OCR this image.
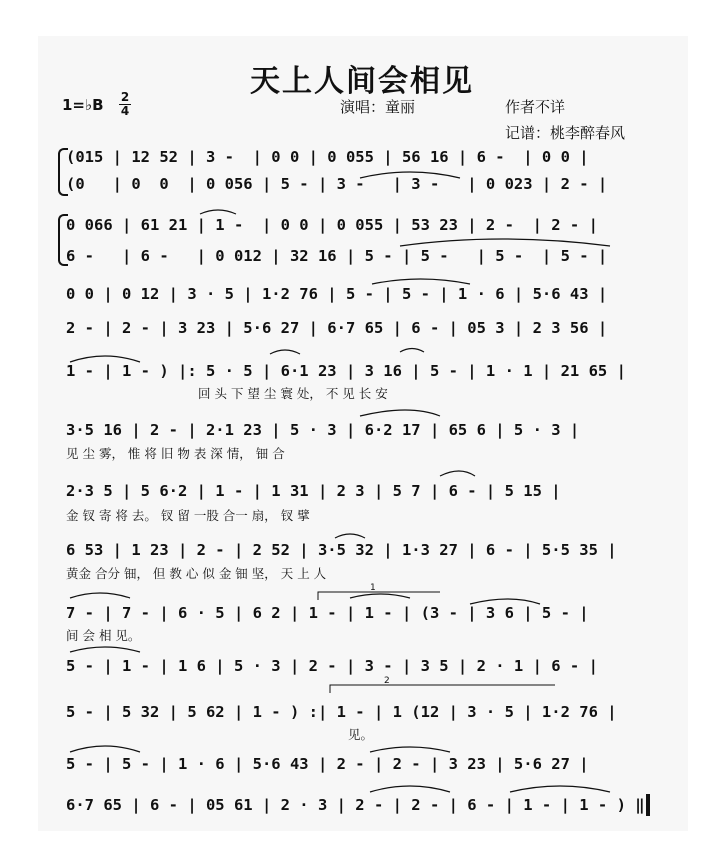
天上人间会相见
1=♭B 2
4	演唱：童丽	作者不详
记谱：桃李醉春风
(015 | 12 52 | 3 -  | 0 0 | 0 055 | 56 16 | 6 -  | 0 0 |
(0   | 0  0  | 0 056 | 5 - | 3 -   | 3 -   | 0 023 | 2 - |
0 066 | 61 21 | 1 -  | 0 0 | 0 055 | 53 23 | 2 -  | 2 - |
6 -   | 6 -   | 0 012 | 32 16 | 5 - | 5 -   | 5 -  | 5 - |
0 0 | 0 12 | 3 · 5 | 1·2 76 | 5 - | 5 - | 1 · 6 | 5·6 43 |
2 - | 2 - | 3 23 | 5·6 27 | 6·7 65 | 6 - | 05 3 | 2 3 56 |
1 - | 1 - ) |: 5 · 5 | 6·1 23 | 3 16 | 5 - | 1 · 1 | 21 65 |
回 头 下 望 尘 寰 处， 不 见 长 安
3·5 16 | 2 - | 2·1 23 | 5 · 3 | 6·2 17 | 65 6 | 5 · 3 |
见 尘 雾， 惟 将 旧 物 表 深 情， 钿 合
2·3 5 | 5 6·2 | 1 - | 1 31 | 2 3 | 5 7 | 6 - | 5 15 |
金 钗 寄 将 去。 钗 留 一股 合一 扇， 钗 擘
6 53 | 1 23 | 2 - | 2 52 | 3·5 32 | 1·3 27 | 6 - | 5·5 35 |
黄金 合分 钿， 但 教 心 似 金 钿 坚， 天 上 人
7 - | 7 - | 6 · 5 | 6 2 | 1 - | 1 - | (3 - | 3 6 | 5 - |
间 会 相 见。
5 - | 1 - | 1 6 | 5 · 3 | 2 - | 3 - | 3 5 | 2 · 1 | 6 - |
5 - | 5 32 | 5 62 | 1 - ) :| 1 - | 1 (12 | 3 · 5 | 1·2 76 |
见。
5 - | 5 - | 1 · 6 | 5·6 43 | 2 - | 2 - | 3 23 | 5·6 27 |
6·7 65 | 6 - | 05 61 | 2 · 3 | 2 - | 2 - | 6 - | 1 - | 1 - ) ‖
1
2
